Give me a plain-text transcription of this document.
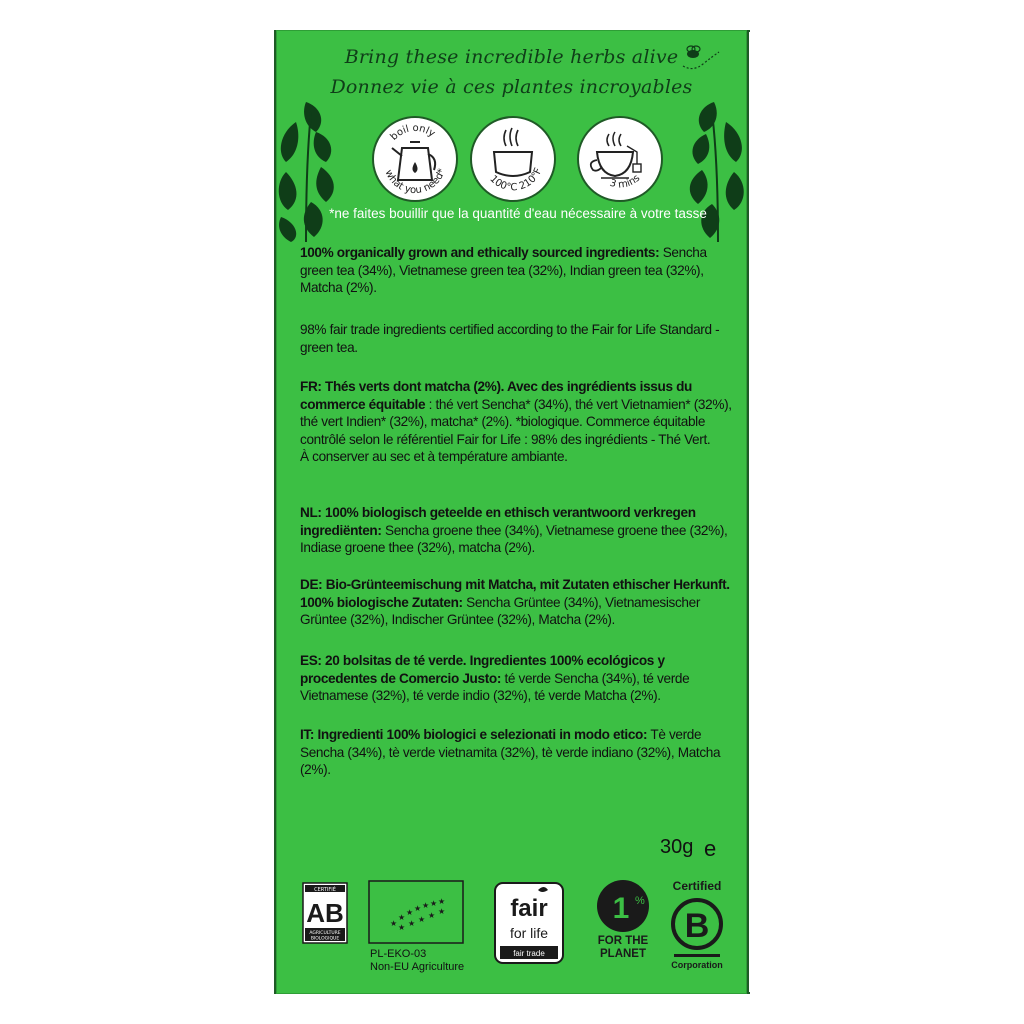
Bring these incredible herbs alive
Donnez vie à ces plantes incroyables
boil only
what you need*
100°C 210°F
3 mins
*ne faites bouillir que la quantité d'eau nécessaire à votre tasse
100% organically grown and ethically sourced ingredients: Sencha green tea (34%), Vietnamese green tea (32%), Indian green tea (32%), Matcha (2%).
98% fair trade ingredients certified according to the Fair for Life Standard - green tea.
FR: Thés verts dont matcha (2%). Avec des ingrédients issus du commerce équitable : thé vert Sencha* (34%), thé vert Vietnamien* (32%), thé vert Indien* (32%), matcha* (2%). *biologique. Commerce équitable contrôlé selon le référentiel Fair for Life : 98% des ingrédients - Thé Vert.
À conserver au sec et à température ambiante.
NL: 100% biologisch geteelde en ethisch verantwoord verkregen ingrediënten: Sencha groene thee (34%), Vietnamese groene thee (32%), Indiase groene thee (32%), matcha (2%).
DE: Bio-Grünteemischung mit Matcha, mit Zutaten ethischer Herkunft. 100% biologische Zutaten: Sencha Grüntee (34%), Vietnamesischer Grüntee (32%), Indischer Grüntee (32%), Matcha (2%).
ES: 20 bolsitas de té verde. Ingredientes 100% ecológicos y procedentes de Comercio Justo: té verde Sencha (34%), té verde Vietnamese (32%), té verde indio (32%), té verde Matcha (2%).
IT: Ingredienti 100% biologici e selezionati in modo etico: Tè verde Sencha (34%), tè verde vietnamita (32%), tè verde indiano (32%), Matcha (2%).
30g e
CERTIFIÉ
AB
AGRICULTURE
BIOLOGIQUE
★
★
★ ★ ★ ★ ★
★ ★ ★ ★
★
PL-EKO-03
Non-EU Agriculture
fair
for life
fair trade
1 %
FOR THE
PLANET
Certified
B
Corporation
